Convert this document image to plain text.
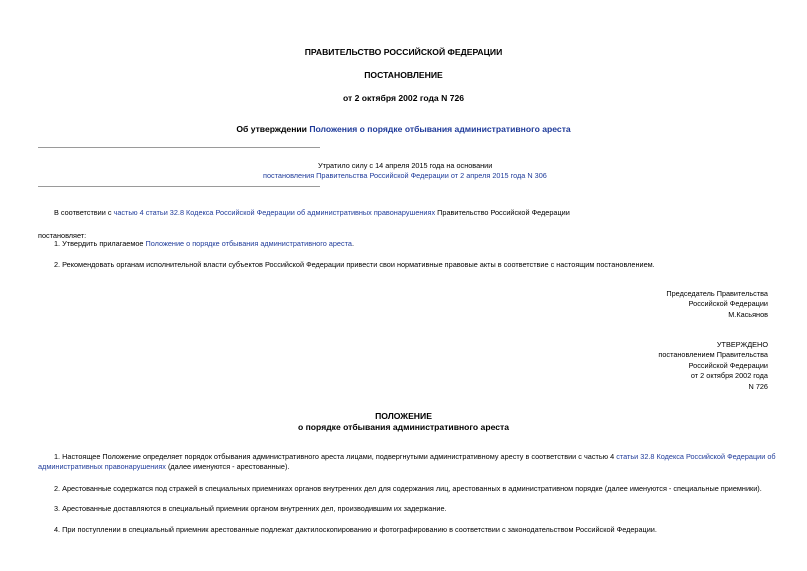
ПРАВИТЕЛЬСТВО РОССИЙСКОЙ ФЕДЕРАЦИИ
ПОСТАНОВЛЕНИЕ
от 2 октября 2002 года N 726
Об утверждении Положения о порядке отбывания административного ареста
Утратило силу с 14 апреля 2015 года на основании
постановления Правительства Российской Федерации от 2 апреля 2015 года N 306
В соответствии с частью 4 статьи 32.8 Кодекса Российской Федерации об административных правонарушениях Правительство Российской Федерации
постановляет:
1. Утвердить прилагаемое Положение о порядке отбывания административного ареста.
2. Рекомендовать органам исполнительной власти субъектов Российской Федерации привести свои нормативные правовые акты в соответствие с настоящим постановлением.
Председатель Правительства
Российской Федерации
М.Касьянов
УТВЕРЖДЕНО
постановлением Правительства
Российской Федерации
от 2 октября 2002 года
N 726
ПОЛОЖЕНИЕ
о порядке отбывания административного ареста
1. Настоящее Положение определяет порядок отбывания административного ареста лицами, подвергнутыми административному аресту в соответствии с частью 4 статьи 32.8 Кодекса Российской Федерации об
административных правонарушениях (далее именуются - арестованные).
2. Арестованные содержатся под стражей в специальных приемниках органов внутренних дел для содержания лиц, арестованных в административном порядке (далее именуются - специальные приемники).
3. Арестованные доставляются в специальный приемник органом внутренних дел, производившим их задержание.
4. При поступлении в специальный приемник арестованные подлежат дактилоскопированию и фотографированию в соответствии с законодательством Российской Федерации.
